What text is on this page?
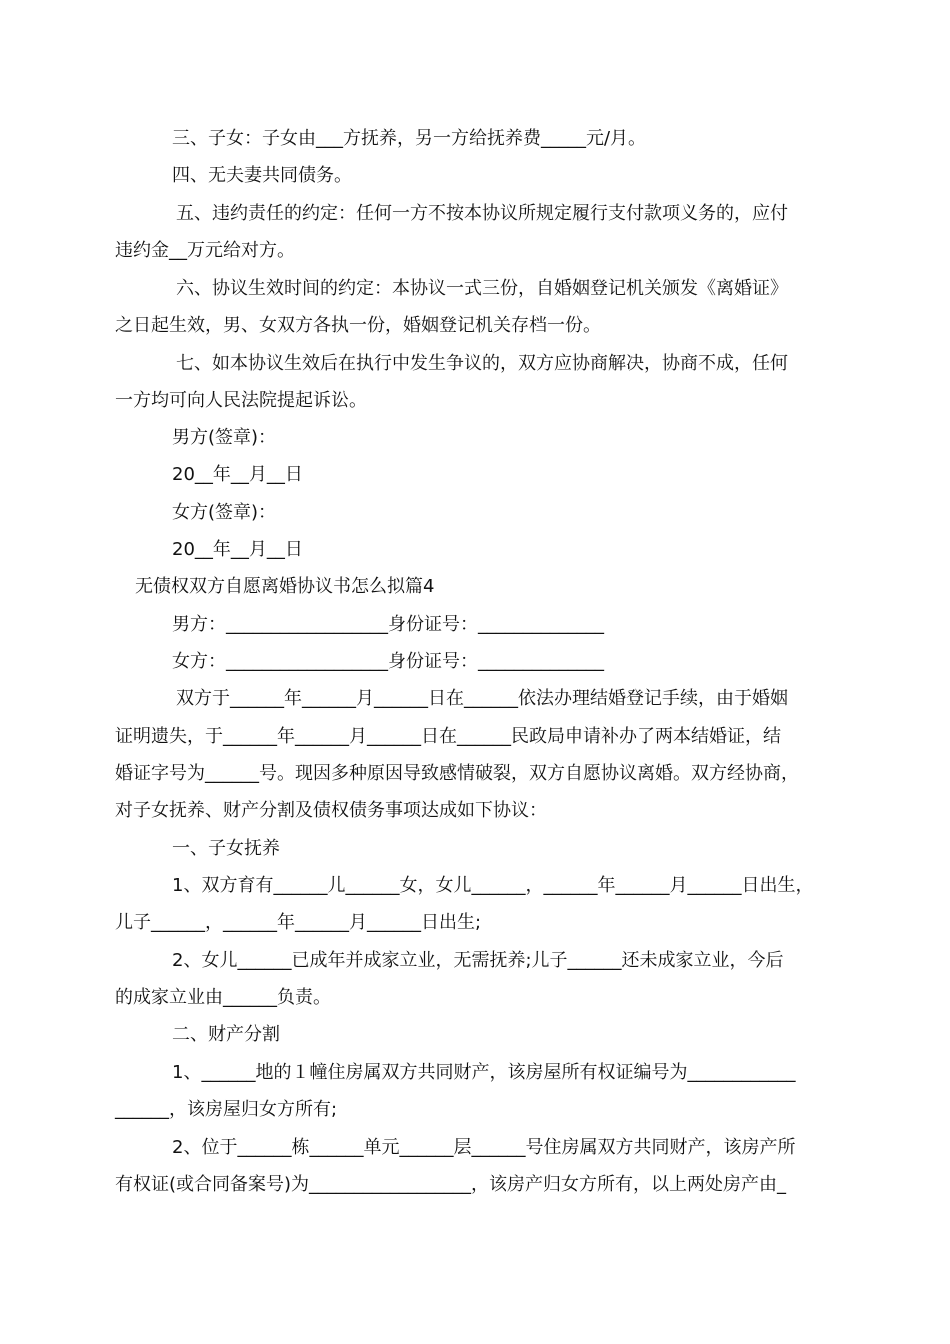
三、子女：子女由___方抚养，另一方给抚养费_____元/月。
四、无夫妻共同债务。
五、违约责任的约定：任何一方不按本协议所规定履行支付款项义务的，应付
违约金__万元给对方。
六、协议生效时间的约定：本协议一式三份，自婚姻登记机关颁发《离婚证》
之日起生效，男、女双方各执一份，婚姻登记机关存档一份。
七、如本协议生效后在执行中发生争议的，双方应协商解决，协商不成，任何
一方均可向人民法院提起诉讼。
男方(签章)：
20__年__月__日
女方(签章)：
20__年__月__日
无债权双方自愿离婚协议书怎么拟篇4
男方：__________________身份证号：______________
女方：__________________身份证号：______________
双方于______年______月______日在______依法办理结婚登记手续，由于婚姻
证明遗失，于______年______月______日在______民政局申请补办了两本结婚证，结
婚证字号为______号。现因多种原因导致感情破裂，双方自愿协议离婚。双方经协商，
对子女抚养、财产分割及债权债务事项达成如下协议：
一、子女抚养
1、双方育有______儿______女，女儿______，______年______月______日出生，
儿子______，______年______月______日出生;
2、女儿______已成年并成家立业，无需抚养;儿子______还未成家立业，今后
的成家立业由______负责。
二、财产分割
1、______地的１幢住房属双方共同财产，该房屋所有权证编号为____________
______，该房屋归女方所有;
2、位于______栋______单元______层______号住房属双方共同财产，该房产所
有权证(或合同备案号)为__________________，该房产归女方所有，以上两处房产由_
